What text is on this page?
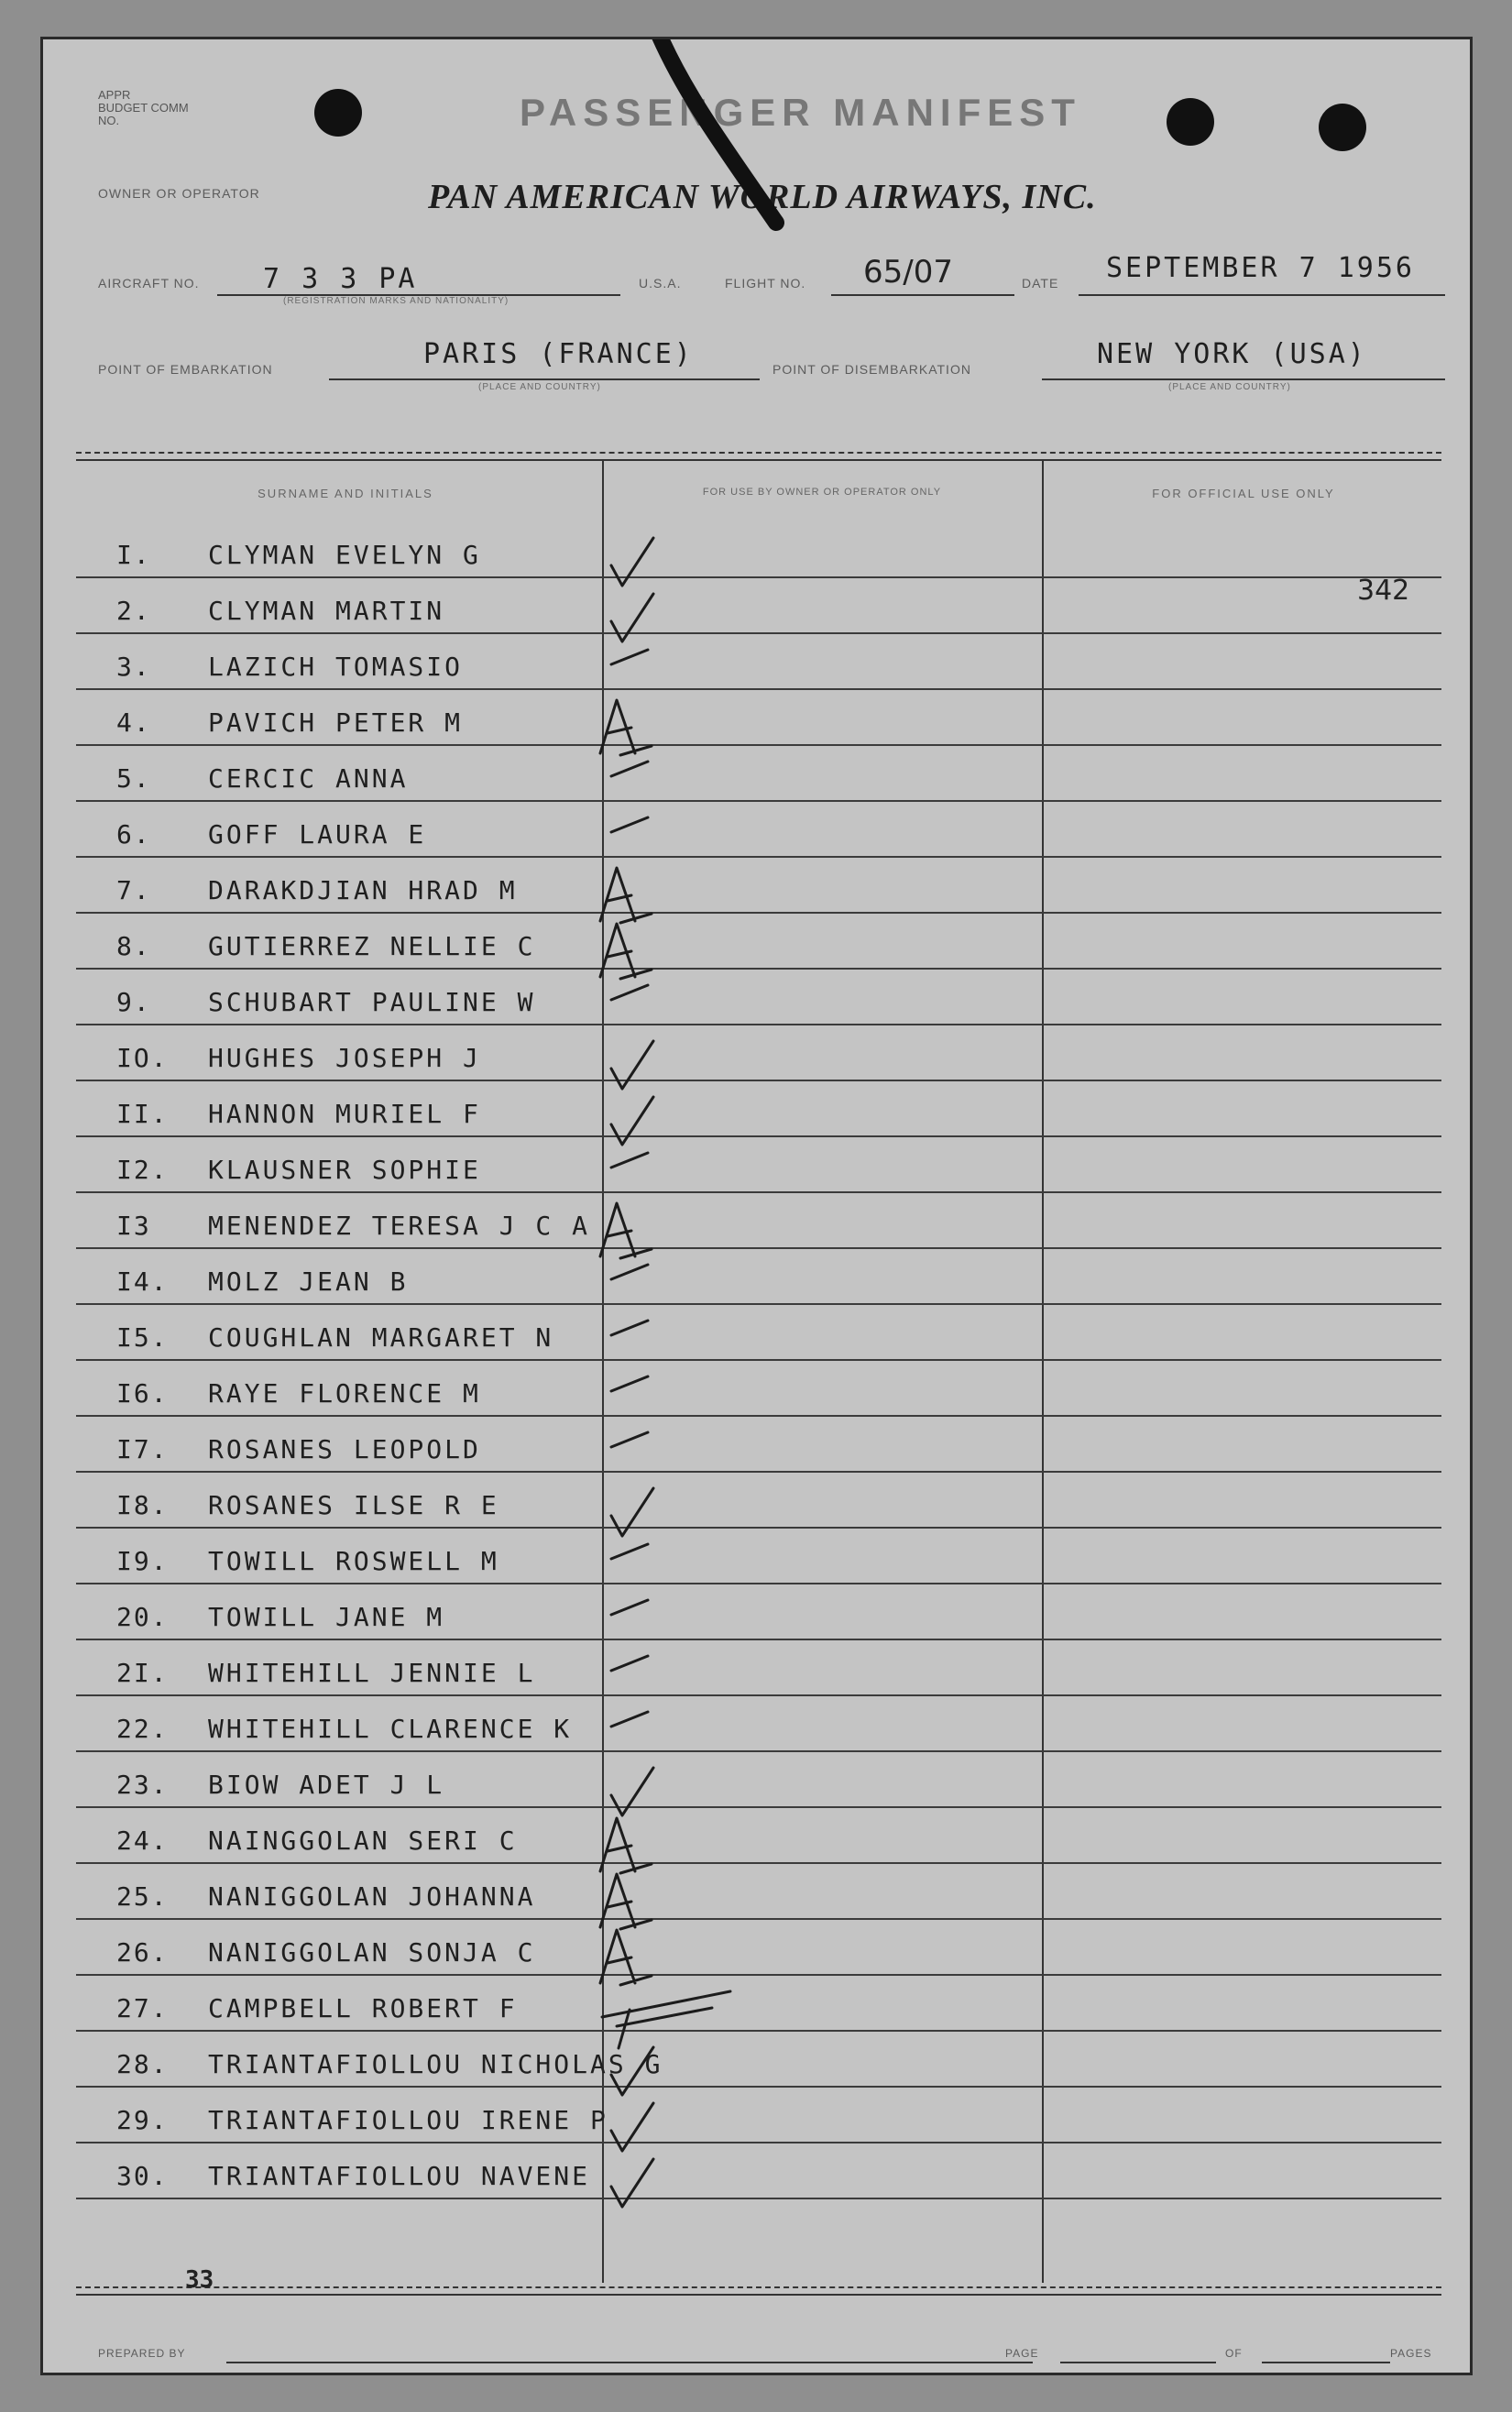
APPR
BUDGET COMM
NO.	PASSENGER MANIFEST
OWNER OR OPERATOR	PAN AMERICAN WORLD AIRWAYS, INC.
AIRCRAFT NO. 7 3 3 PA
(REGISTRATION MARKS AND NATIONALITY)
U.S.A.	FLIGHT NO. 65/07	DATE SEPTEMBER 7 1956
POINT OF EMBARKATION	PARIS (FRANCE)
(PLACE AND COUNTRY)
POINT OF DISEMBARKATION	NEW YORK (USA)
(PLACE AND COUNTRY)
SURNAME AND INITIALS	FOR USE BY OWNER OR OPERATOR ONLY	FOR OFFICIAL USE ONLY
342
I.	CLYMAN EVELYN G
2.	CLYMAN MARTIN
3.	LAZICH TOMASIO
4.	PAVICH PETER M
5.	CERCIC ANNA
6.	GOFF LAURA E
7.	DARAKDJIAN HRAD M
8.	GUTIERREZ NELLIE C
9.	SCHUBART PAULINE W
IO.	HUGHES JOSEPH J
II.	HANNON MURIEL F
I2.	KLAUSNER SOPHIE
I3	MENENDEZ TERESA J C A
I4.	MOLZ JEAN B
I5.	COUGHLAN MARGARET N
I6.	RAYE FLORENCE M
I7.	ROSANES LEOPOLD
I8.	ROSANES ILSE R E
I9.	TOWILL ROSWELL M
20.	TOWILL JANE M
2I.	WHITEHILL JENNIE L
22.	WHITEHILL CLARENCE K
23.	BIOW ADET J L
24.	NAINGGOLAN SERI C
25.	NANIGGOLAN JOHANNA
26.	NANIGGOLAN SONJA C
27.	CAMPBELL ROBERT F
28.	TRIANTAFIOLLOU NICHOLAS G
29.	TRIANTAFIOLLOU IRENE P
30.	TRIANTAFIOLLOU NAVENE
33
PREPARED BY	PAGE	OF	PAGES
